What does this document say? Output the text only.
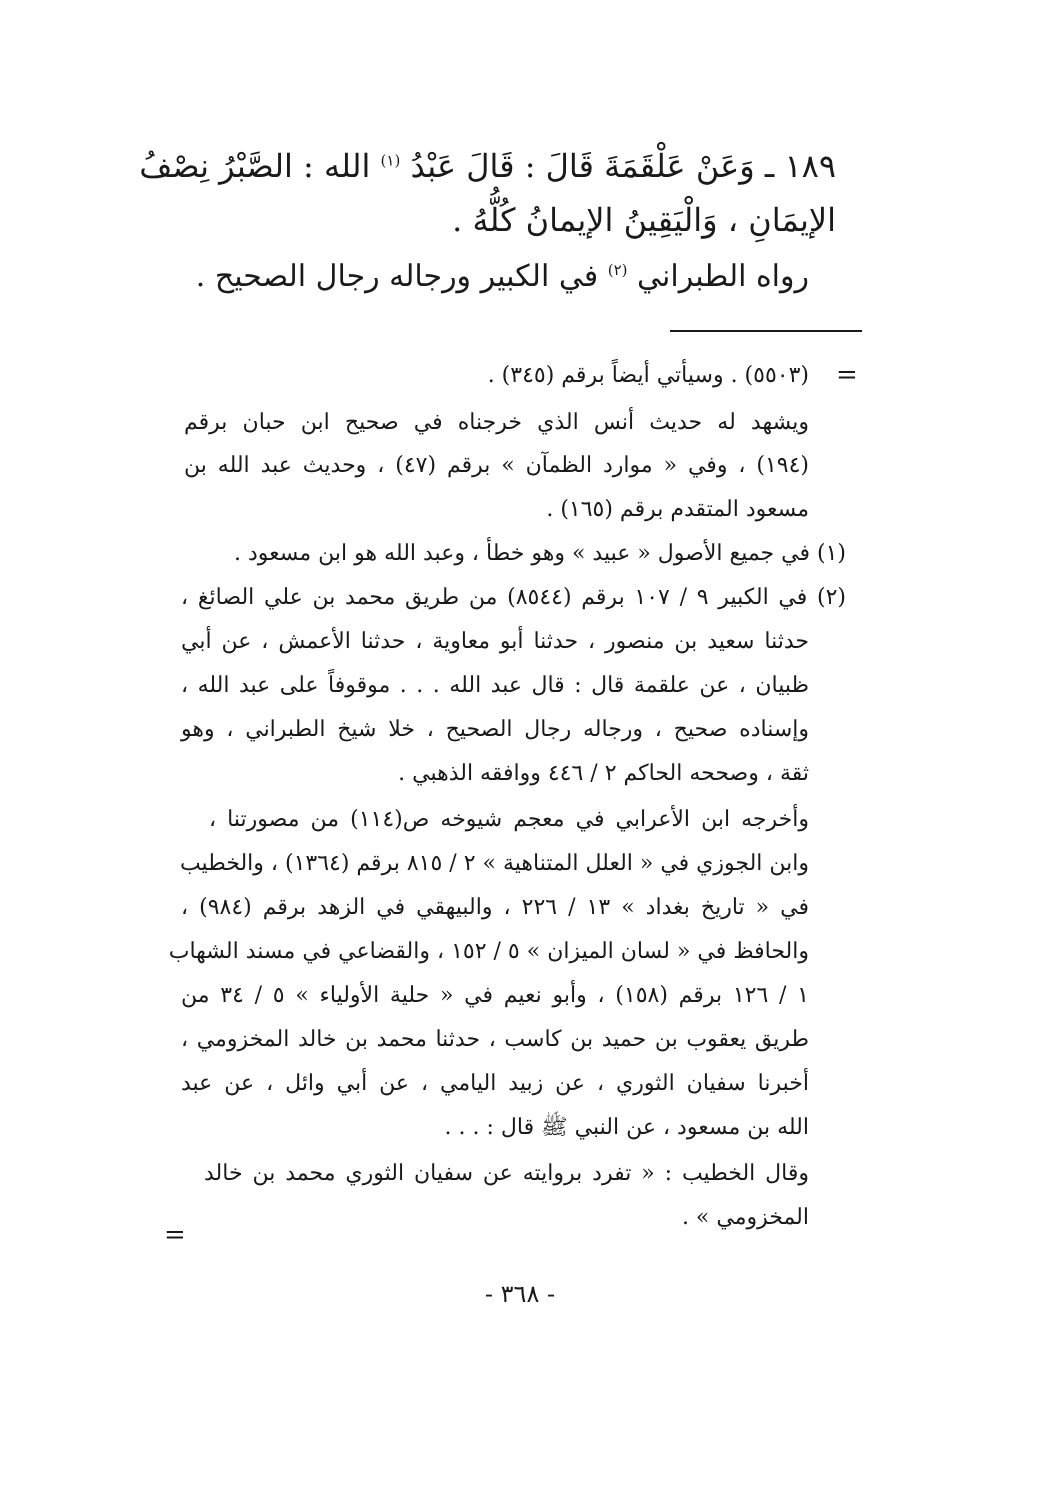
١٨٩ ـ وَعَنْ عَلْقَمَةَ قَالَ : قَالَ عَبْدُ $^{(١)}$ الله : الصَّبْرُ نِصْفُ
الإيمَانِ ، وَالْيَقِينُ الإيمانُ كُلُّهُ .
رواه الطبراني $^{(٢)}$ في الكبير ورجاله رجال الصحيح .
=
(٥٥٠٣) . وسيأتي أيضاً برقم (٣٤٥) .
ويشهد له حديث أنس الذي خرجناه في صحيح ابن حبان برقم
(١٩٤) ، وفي « موارد الظمآن » برقم (٤٧) ، وحديث عبد الله بن
مسعود المتقدم برقم (١٦٥) .
(١) في جميع الأصول « عبيد » وهو خطأ ، وعبد الله هو ابن مسعود .
(٢) في الكبير ٩ / ١٠٧ برقم (٨٥٤٤) من طريق محمد بن علي الصائغ ،
حدثنا سعيد بن منصور ، حدثنا أبو معاوية ، حدثنا الأعمش ، عن أبي
ظبيان ، عن علقمة قال : قال عبد الله . . . موقوفاً على عبد الله ،
وإسناده صحيح ، ورجاله رجال الصحيح ، خلا شيخ الطبراني ، وهو
ثقة ، وصححه الحاكم ٢ / ٤٤٦ ووافقه الذهبي .
وأخرجه ابن الأعرابي في معجم شيوخه ص(١١٤) من مصورتنا ،
وابن الجوزي في « العلل المتناهية » ٢ / ٨١٥ برقم (١٣٦٤) ، والخطيب
في « تاريخ بغداد » ١٣ / ٢٢٦ ، والبيهقي في الزهد برقم (٩٨٤) ،
والحافظ في « لسان الميزان » ٥ / ١٥٢ ، والقضاعي في مسند الشهاب
١ / ١٢٦ برقم (١٥٨) ، وأبو نعيم في « حلية الأولياء » ٥ / ٣٤ من
طريق يعقوب بن حميد بن كاسب ، حدثنا محمد بن خالد المخزومي ،
أخبرنا سفيان الثوري ، عن زبيد اليامي ، عن أبي وائل ، عن عبد
الله بن مسعود ، عن النبي ﷺ قال : . . .
وقال الخطيب : « تفرد بروايته عن سفيان الثوري محمد بن خالد
المخزومي » .
=
- ٣٦٨ -
